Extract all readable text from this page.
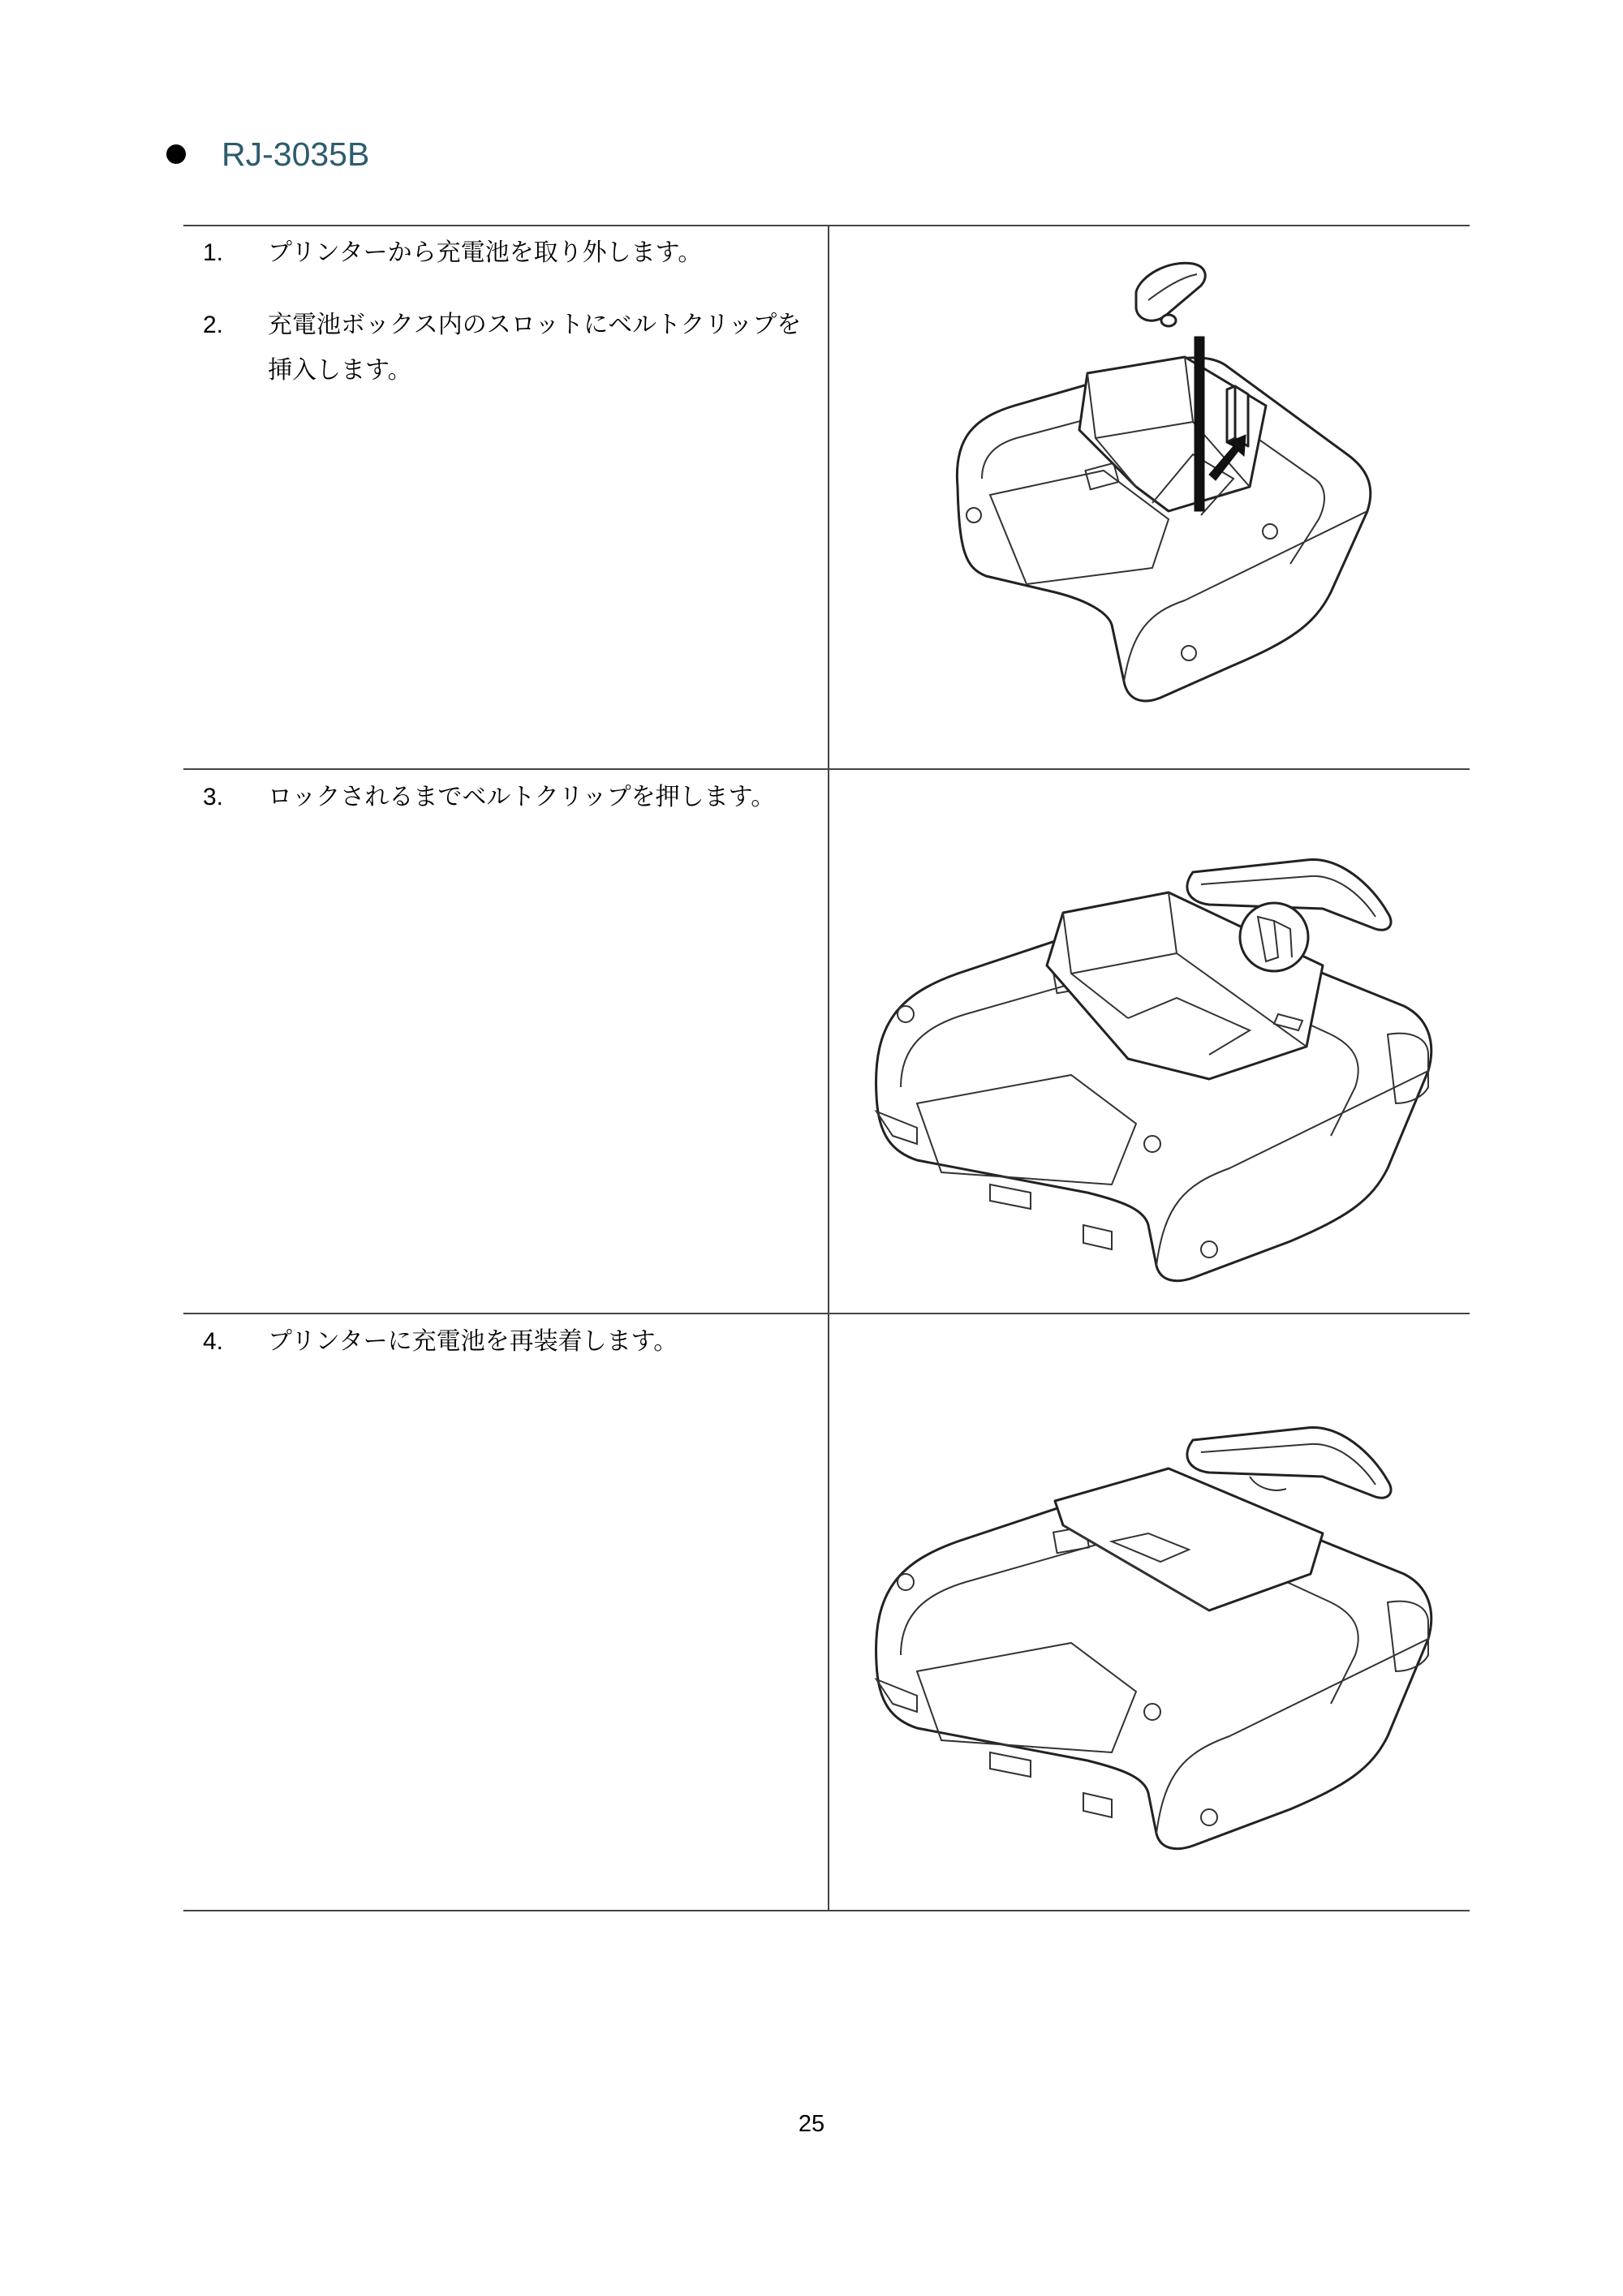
RJ-3035B
1.	プリンターから充電池を取り外します。
2.	充電池ボックス内のスロットにベルトクリップを挿入します。
3.	ロックされるまでベルトクリップを押します。
4.	プリンターに充電池を再装着します。
25
